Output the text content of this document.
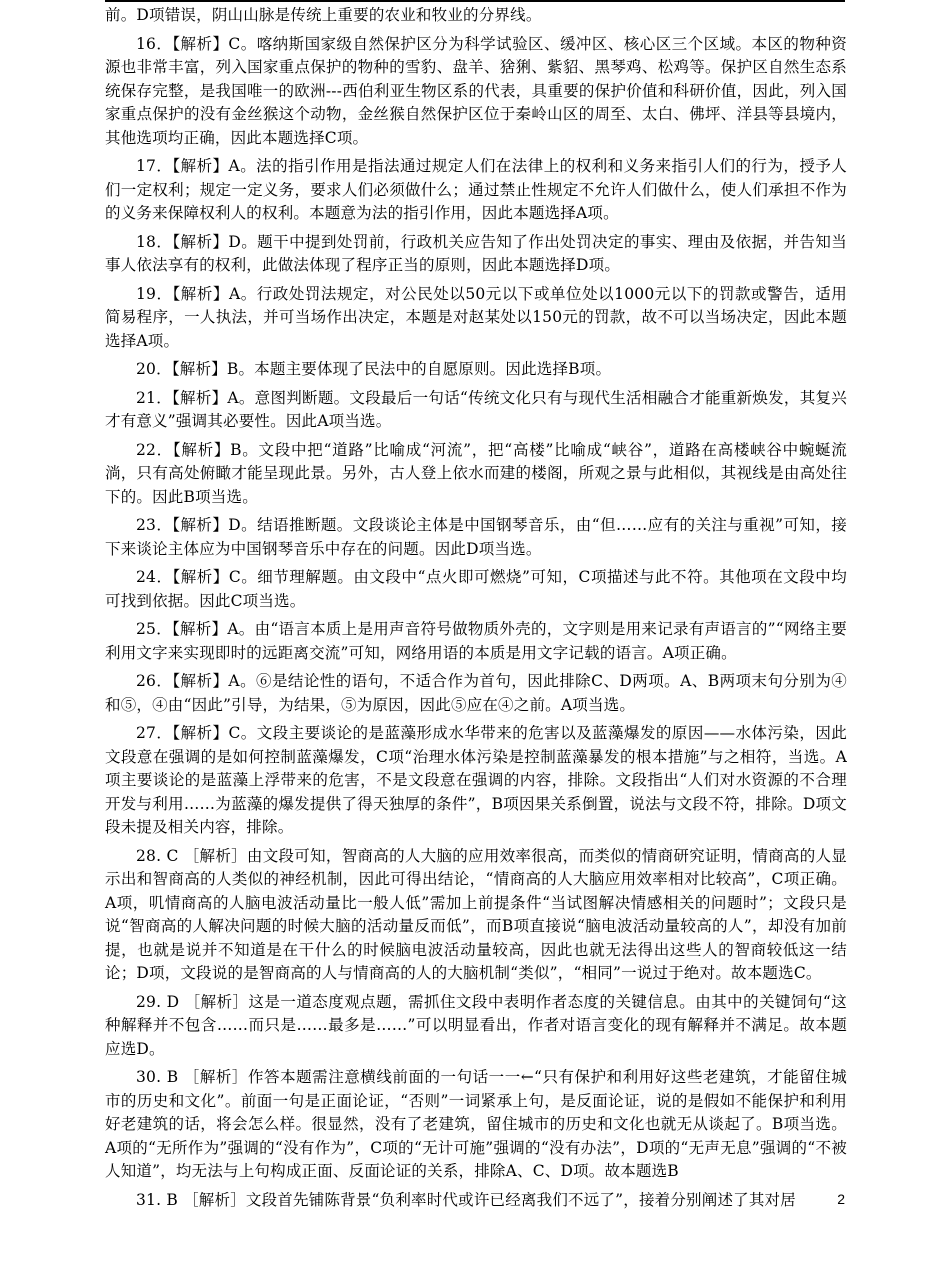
前。D项错误，阴山山脉是传统上重要的农业和牧业的分界线。

16．【解析】C。喀纳斯国家级自然保护区分为科学试验区、缓冲区、核心区三个区域。本区的物种资源也非常丰富，列入国家重点保护的物种的雪豹、盘羊、猞猁、紫貂、黑琴鸡、松鸡等。保护区自然生态系统保存完整，是我国唯一的欧洲---西伯利亚生物区系的代表，具重要的保护价值和科研价值，因此，列入国家重点保护的没有金丝猴这个动物，金丝猴自然保护区位于秦岭山区的周至、太白、佛坪、洋县等县境内，其他选项均正确，因此本题选择C项。

17．【解析】A。法的指引作用是指法通过规定人们在法律上的权利和义务来指引人们的行为，授予人们一定权利；规定一定义务，要求人们必须做什么；通过禁止性规定不允许人们做什么，使人们承担不作为的义务来保障权利人的权利。本题意为法的指引作用，因此本题选择A项。

18．【解析】D。题干中提到处罚前，行政机关应告知了作出处罚决定的事实、理由及依据，并告知当事人依法享有的权利，此做法体现了程序正当的原则，因此本题选择D项。

19．【解析】A。行政处罚法规定，对公民处以50元以下或单位处以1000元以下的罚款或警告，适用简易程序，一人执法，并可当场作出决定，本题是对赵某处以150元的罚款，故不可以当场决定，因此本题选择A项。

20．【解析】B。本题主要体现了民法中的自愿原则。因此选择B项。

21．【解析】A。意图判断题。文段最后一句话“传统文化只有与现代生活相融合才能重新焕发，其复兴才有意义”强调其必要性。因此A项当选。

22．【解析】B。文段中把“道路”比喻成“河流”，把“高楼”比喻成“峡谷”，道路在高楼峡谷中蜿蜒流淌，只有高处俯瞰才能呈现此景。另外，古人登上依水而建的楼阁，所观之景与此相似，其视线是由高处往下的。因此B项当选。

23．【解析】D。结语推断题。文段谈论主体是中国钢琴音乐，由“但……应有的关注与重视”可知，接下来谈论主体应为中国钢琴音乐中存在的问题。因此D项当选。

24．【解析】C。细节理解题。由文段中“点火即可燃烧”可知，C项描述与此不符。其他项在文段中均可找到依据。因此C项当选。

25．【解析】A。由“语言本质上是用声音符号做物质外壳的，文字则是用来记录有声语言的”“网络主要利用文字来实现即时的远距离交流”可知，网络用语的本质是用文字记载的语言。A项正确。

26．【解析】A。⑥是结论性的语句，不适合作为首句，因此排除C、D两项。A、B两项末句分别为④和⑤，④由“因此”引导，为结果，⑤为原因，因此⑤应在④之前。A项当选。

27．【解析】C。文段主要谈论的是蓝藻形成水华带来的危害以及蓝藻爆发的原因——水体污染，因此文段意在强调的是如何控制蓝藻爆发，C项“治理水体污染是控制蓝藻暴发的根本措施”与之相符，当选。A项主要谈论的是蓝藻上浮带来的危害，不是文段意在强调的内容，排除。文段指出“人们对水资源的不合理开发与利用……为蓝藻的爆发提供了得天独厚的条件”，B项因果关系倒置，说法与文段不符，排除。D项文段未提及相关内容，排除。

28. C ［解析］由文段可知，智商高的人大脑的应用效率很高，而类似的情商研究证明，情商高的人显示出和智商高的人类似的神经机制，因此可得出结论，“情商高的人大脑应用效率相对比较高”，C项正确。A项，叽情商高的人脑电波活动量比一般人低”需加上前提条件“当试图解决情感相关的问题时”；文段只是说“智商高的人解决问题的时候大脑的活动量反而低”，而B项直接说“脑电波活动量较高的人”，却没有加前提，也就是说并不知道是在干什么的时候脑电波活动量较高，因此也就无法得出这些人的智商较低这一结论；D项，文段说的是智商高的人与情商高的人的大脑机制“类似”，“相同”一说过于绝对。故本题选C。

29. D ［解析］这是一道态度观点题，需抓住文段中表明作者态度的关键信息。由其中的关键饲句“这种解释并不包含……而只是……最多是……”可以明显看出，作者对语言变化的现有解释并不满足。故本题应选D。

30. B ［解析］作答本题需注意横线前面的一句话一一←“只有保护和利用好这些老建筑，才能留住城市的历史和文化”。前面一句是正面论证，“否则”一词紧承上句，是反面论证，说的是假如不能保护和利用好老建筑的话，将会怎么样。很显然，没有了老建筑，留住城市的历史和文化也就无从谈起了。B项当选。A项的“无所作为”强调的“没有作为”，C项的“无计可施”强调的“没有办法”，D项的“无声无息”强调的“不被人知道”，均无法与上句构成正面、反面论证的关系，排除A、C、D项。故本题选B

31. B ［解析］文段首先铺陈背景“负利率时代或许已经离我们不远了”，接着分别阐述了其对居	2
